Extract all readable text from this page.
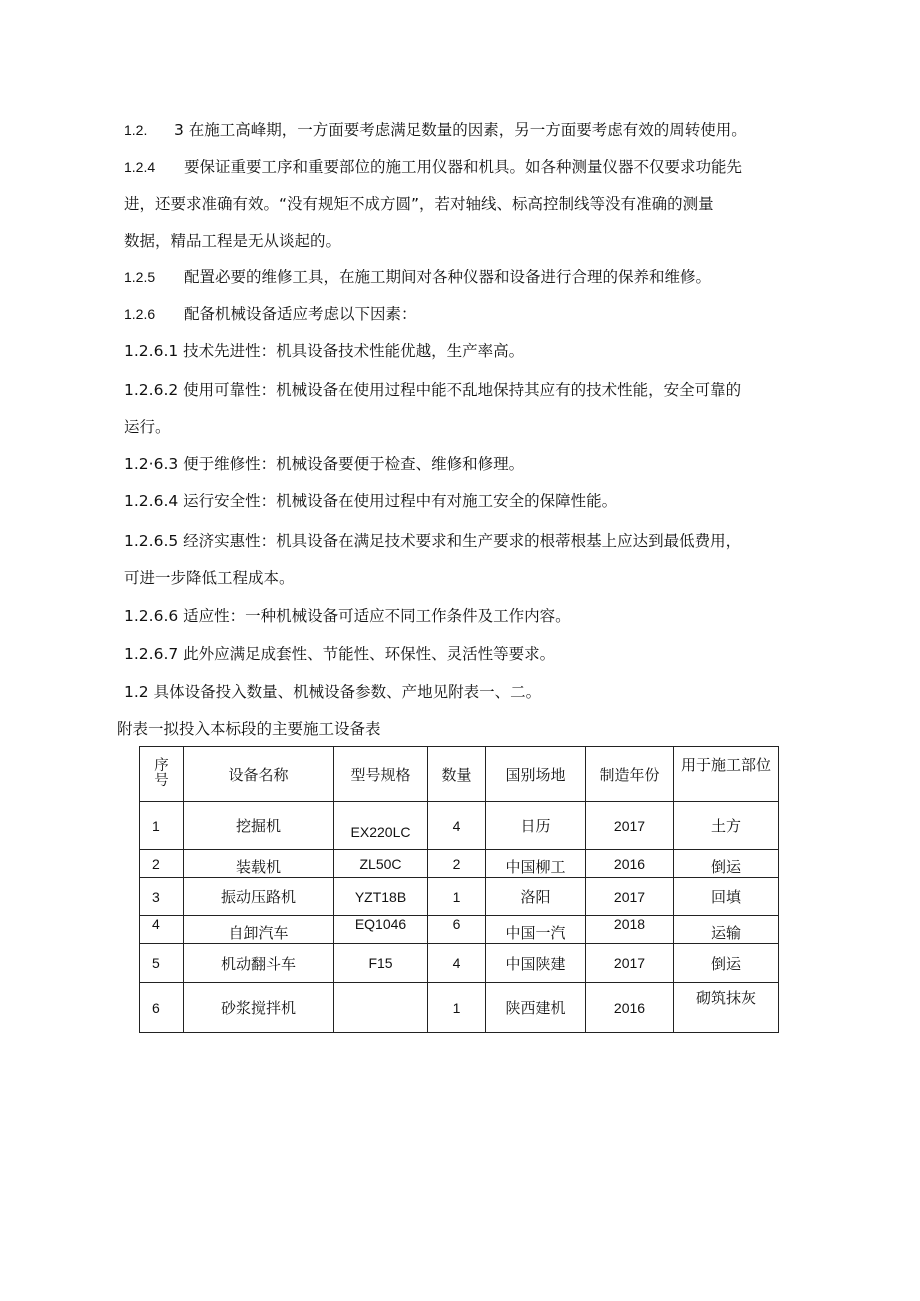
1.2. 3 在施工高峰期，一方面要考虑满足数量的因素，另一方面要考虑有效的周转使用。
1.2.4 要保证重要工序和重要部位的施工用仪器和机具。如各种测量仪器不仅要求功能先
进，还要求准确有效。“没有规矩不成方圆”，若对轴线、标高控制线等没有准确的测量
数据，精品工程是无从谈起的。
1.2.5 配置必要的维修工具，在施工期间对各种仪器和设备进行合理的保养和维修。
1.2.6 配备机械设备适应考虑以下因素：
1.2.6.1 技术先进性：机具设备技术性能优越，生产率高。
1.2.6.2 使用可靠性：机械设备在使用过程中能不乱地保持其应有的技术性能，安全可靠的
运行。
1.2·6.3 便于维修性：机械设备要便于检查、维修和修理。
1.2.6.4 运行安全性：机械设备在使用过程中有对施工安全的保障性能。
1.2.6.5 经济实惠性：机具设备在满足技术要求和生产要求的根蒂根基上应达到最低费用，
可进一步降低工程成本。
1.2.6.6 适应性：一种机械设备可适应不同工作条件及工作内容。
1.2.6.7 此外应满足成套性、节能性、环保性、灵活性等要求。
1.2 具体设备投入数量、机械设备参数、产地见附表一、二。
附表一拟投入本标段的主要施工设备表
序
号	设备名称	型号规格	数量	国别场地	制造年份	用于施工部位
1	挖掘机	EX220LC	4	日历	2017	土方
2	装载机	ZL50C	2	中国柳工	2016	倒运
3	振动压路机	YZT18B	1	洛阳	2017	回填
4	自卸汽车	EQ1046	6	中国一汽	2018	运输
5	机动翻斗车	F15	4	中国陕建	2017	倒运
6	砂浆搅拌机		1	陕西建机	2016	砌筑抹灰
